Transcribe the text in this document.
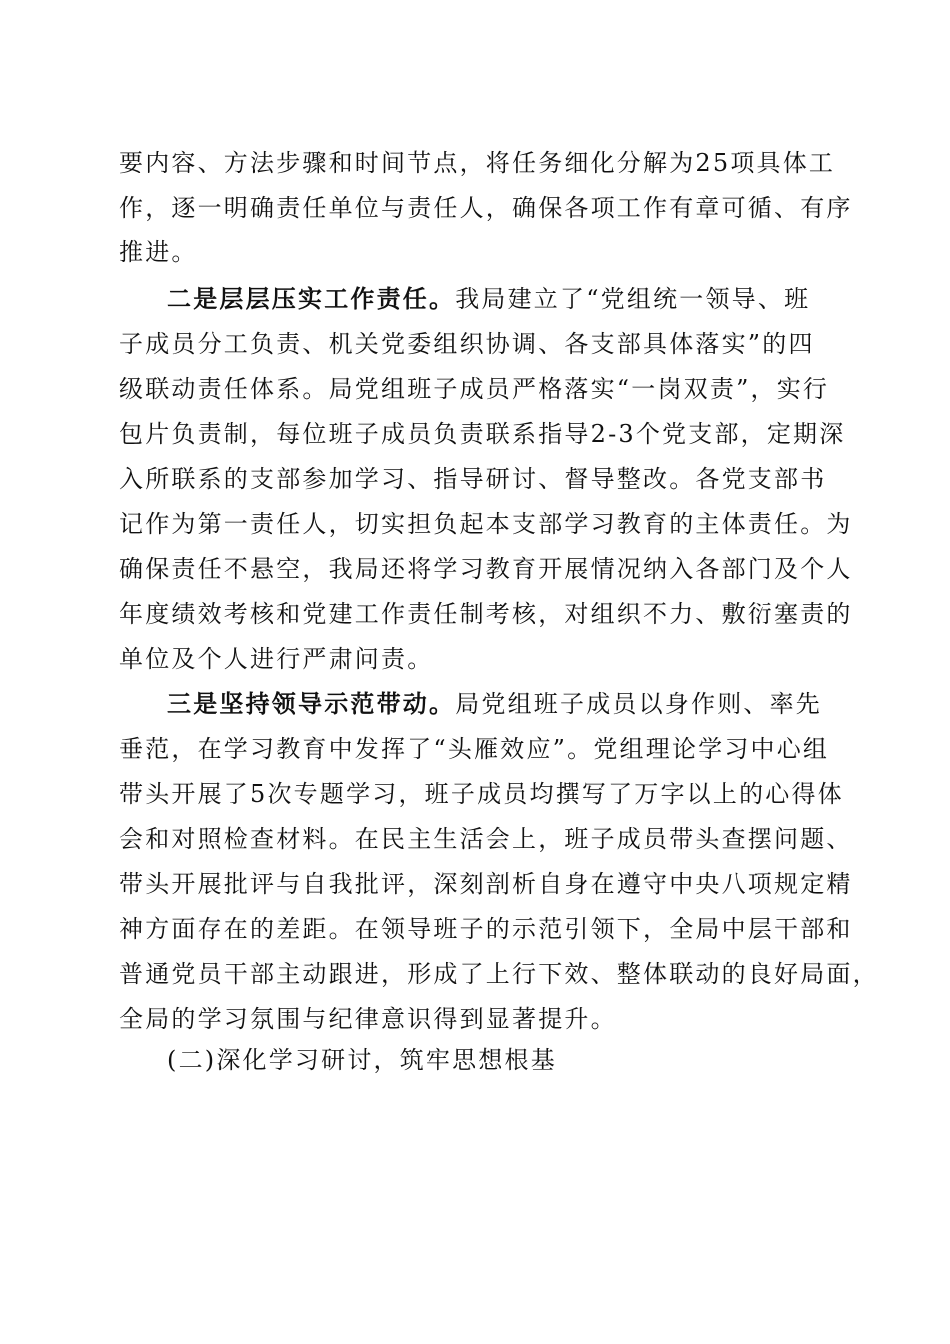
要内容、方法步骤和时间节点，将任务细化分解为25项具体工
作，逐一明确责任单位与责任人，确保各项工作有章可循、有序
推进。
二是层层压实工作责任。我局建立了“党组统一领导、班
子成员分工负责、机关党委组织协调、各支部具体落实”的四
级联动责任体系。局党组班子成员严格落实“一岗双责”，实行
包片负责制，每位班子成员负责联系指导2-3个党支部，定期深
入所联系的支部参加学习、指导研讨、督导整改。各党支部书
记作为第一责任人，切实担负起本支部学习教育的主体责任。为
确保责任不悬空，我局还将学习教育开展情况纳入各部门及个人
年度绩效考核和党建工作责任制考核，对组织不力、敷衍塞责的
单位及个人进行严肃问责。
三是坚持领导示范带动。局党组班子成员以身作则、率先
垂范，在学习教育中发挥了“头雁效应”。党组理论学习中心组
带头开展了5次专题学习，班子成员均撰写了万字以上的心得体
会和对照检查材料。在民主生活会上，班子成员带头查摆问题、
带头开展批评与自我批评，深刻剖析自身在遵守中央八项规定精
神方面存在的差距。在领导班子的示范引领下，全局中层干部和
普通党员干部主动跟进，形成了上行下效、整体联动的良好局面，
全局的学习氛围与纪律意识得到显著提升。
(二)深化学习研讨，筑牢思想根基
